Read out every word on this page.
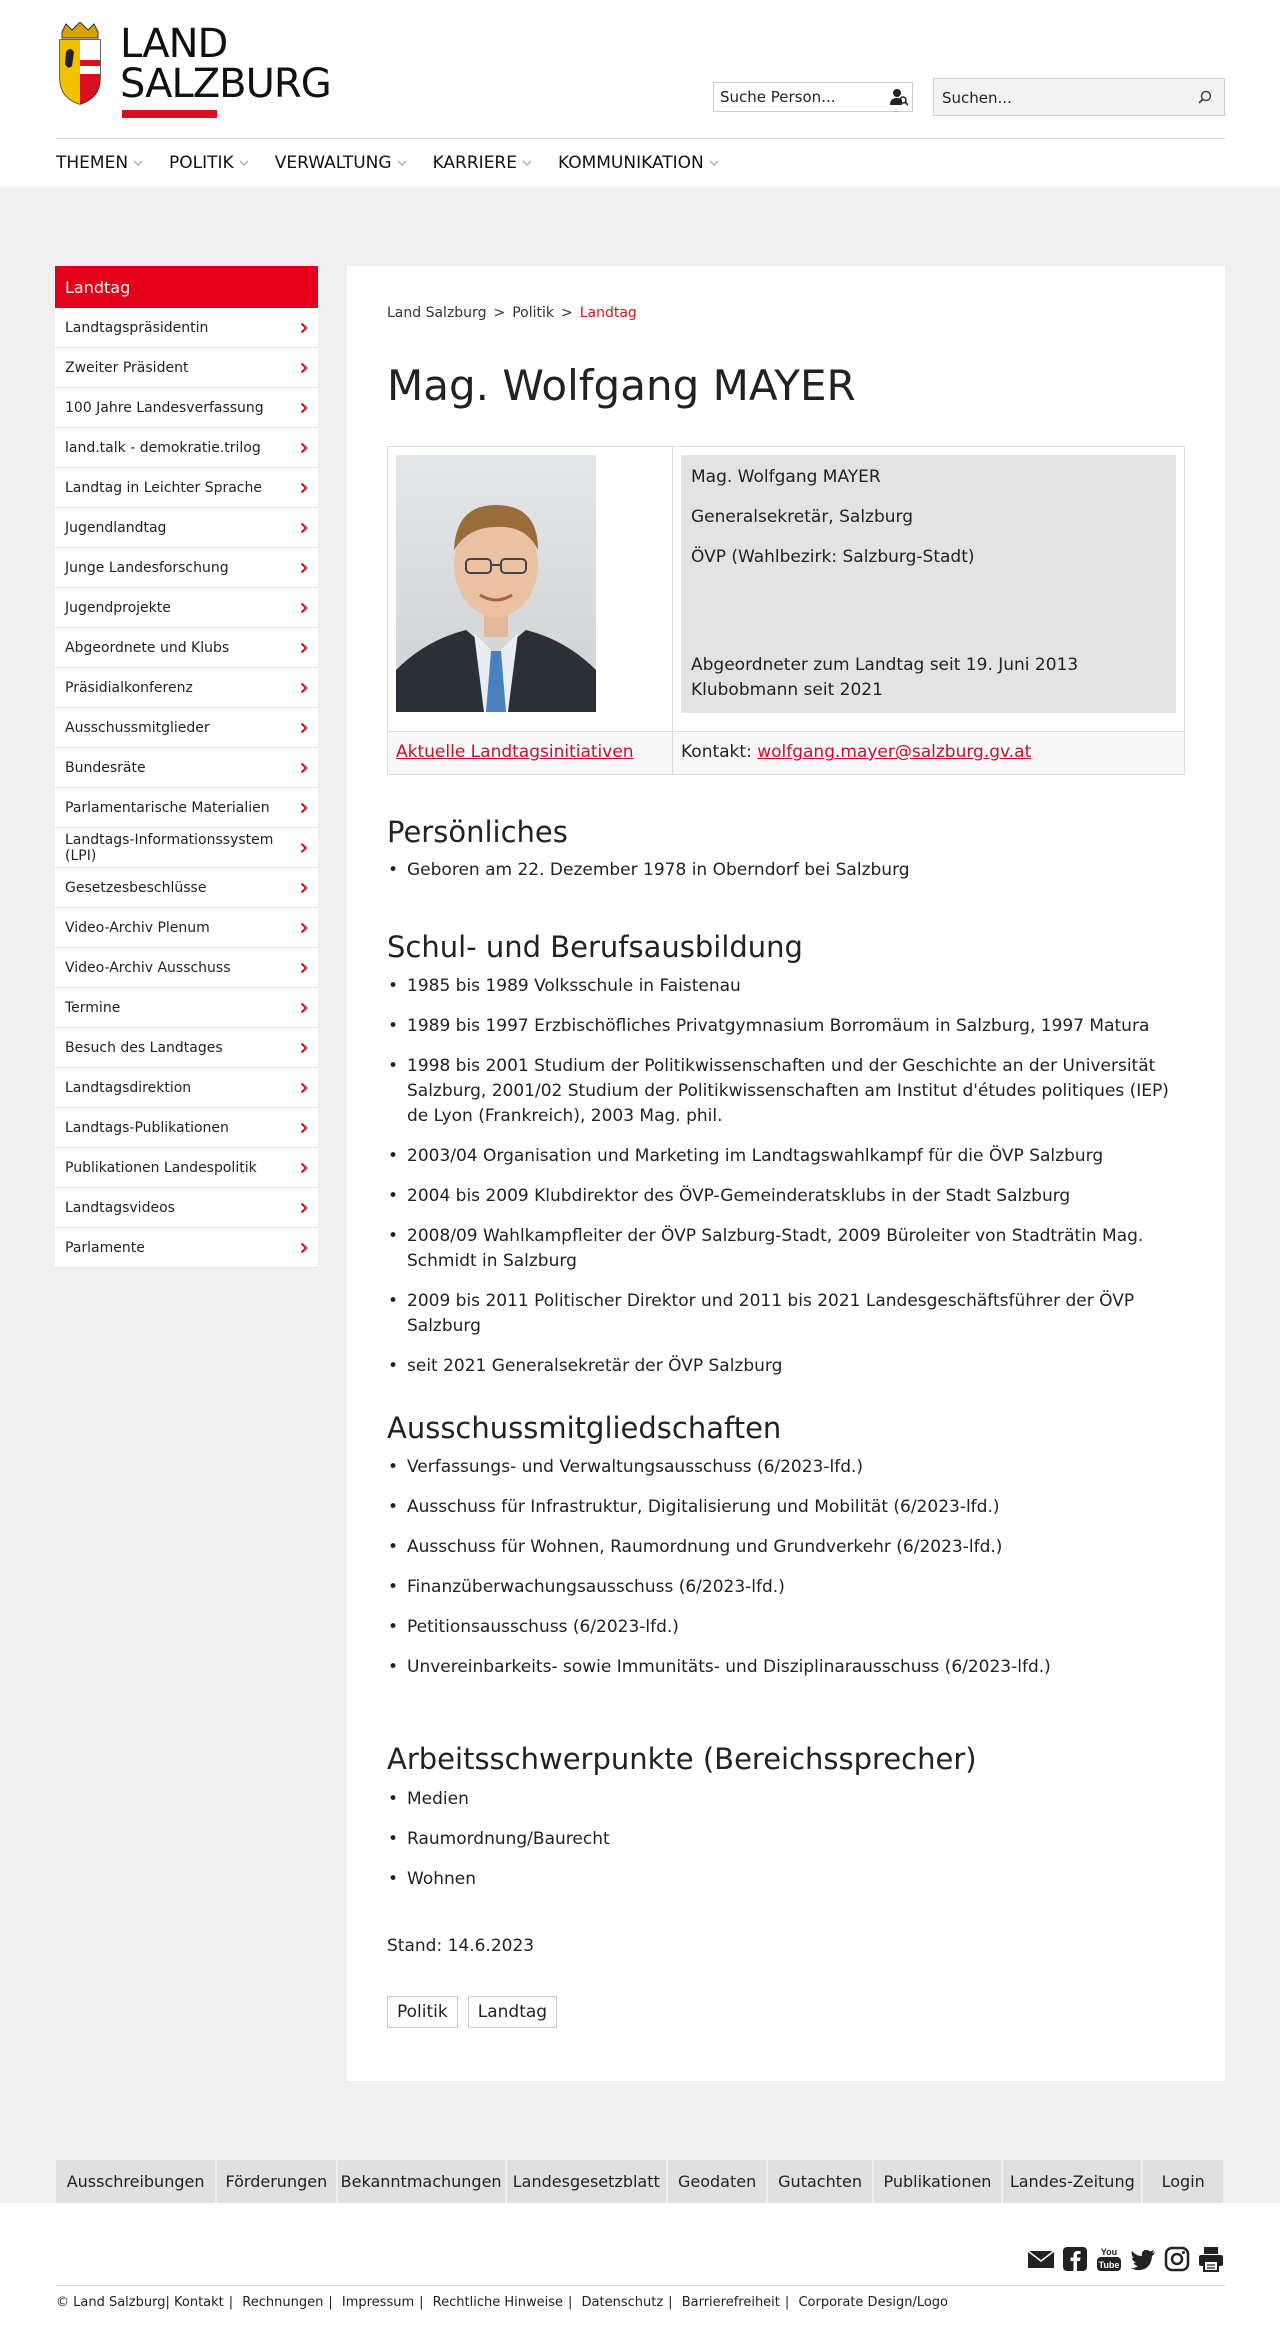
LAND
SALZBURG
Suche Person...
Suchen...
THEMEN POLITIK VERWALTUNG KARRIERE KOMMUNIKATION
Landtag
Landtagspräsidentin
Zweiter Präsident
100 Jahre Landesverfassung
land.talk - demokratie.trilog
Landtag in Leichter Sprache
Jugendlandtag
Junge Landesforschung
Jugendprojekte
Abgeordnete und Klubs
Präsidialkonferenz
Ausschussmitglieder
Bundesräte
Parlamentarische Materialien
Landtags-Informationssystem (LPI)
Gesetzesbeschlüsse
Video-Archiv Plenum
Video-Archiv Ausschuss
Termine
Besuch des Landtages
Landtagsdirektion
Landtags-Publikationen
Publikationen Landespolitik
Landtagsvideos
Parlamente
Land Salzburg > Politik > Landtag
Mag. Wolfgang MAYER

Mag. Wolfgang MAYER

Generalsekretär, Salzburg

ÖVP (Wahlbezirk: Salzburg-Stadt)

Abgeordneter zum Landtag seit 19. Juni 2013
Klubobmann seit 2021
Aktuelle Landtagsinitiativen	Kontakt: wolfgang.mayer@salzburg.gv.at
Persönliches
• Geboren am 22. Dezember 1978 in Oberndorf bei Salzburg
Schul- und Berufsausbildung
• 1985 bis 1989 Volksschule in Faistenau
• 1989 bis 1997 Erzbischöfliches Privatgymnasium Borromäum in Salzburg, 1997 Matura
• 1998 bis 2001 Studium der Politikwissenschaften und der Geschichte an der Universität Salzburg, 2001/02 Studium der Politikwissenschaften am Institut d'études politiques (IEP) de Lyon (Frankreich), 2003 Mag. phil.
• 2003/04 Organisation und Marketing im Landtagswahlkampf für die ÖVP Salzburg
• 2004 bis 2009 Klubdirektor des ÖVP-Gemeinderatsklubs in der Stadt Salzburg
• 2008/09 Wahlkampfleiter der ÖVP Salzburg-Stadt, 2009 Büroleiter von Stadträtin Mag. Schmidt in Salzburg
• 2009 bis 2011 Politischer Direktor und 2011 bis 2021 Landesgeschäftsführer der ÖVP Salzburg
• seit 2021 Generalsekretär der ÖVP Salzburg
Ausschussmitgliedschaften
• Verfassungs- und Verwaltungsausschuss (6/2023-lfd.)
• Ausschuss für Infrastruktur, Digitalisierung und Mobilität (6/2023-lfd.)
• Ausschuss für Wohnen, Raumordnung und Grundverkehr (6/2023-lfd.)
• Finanzüberwachungsausschuss (6/2023-lfd.)
• Petitionsausschuss (6/2023-lfd.)
• Unvereinbarkeits- sowie Immunitäts- und Disziplinarausschuss (6/2023-lfd.)
Arbeitsschwerpunkte (Bereichssprecher)
• Medien
• Raumordnung/Baurecht
• Wohnen
Stand: 14.6.2023
Politik	Landtag
Ausschreibungen	Förderungen Bekanntmachungen Landesgesetzblatt	Geodaten	Gutachten	Publikationen	Landes-Zeitung	Login
You
Tube
© Land Salzburg| Kontakt | Rechnungen | Impressum | Rechtliche Hinweise | Datenschutz | Barrierefreiheit | Corporate Design/Logo
